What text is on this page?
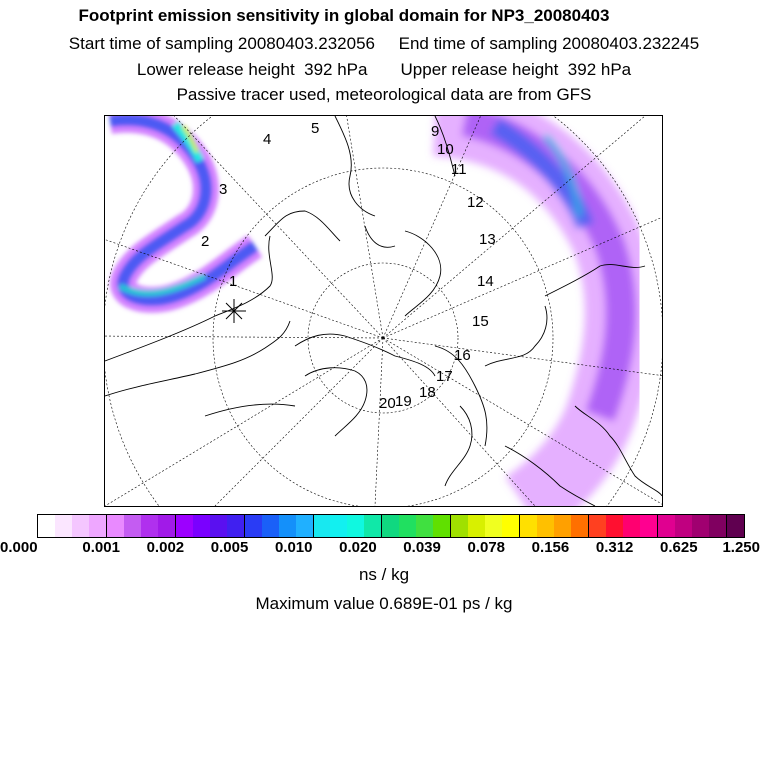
Footprint emission sensitivity in global domain for NP3_20080403
Start time of sampling 20080403.232056     End time of sampling 20080403.232245
Lower release height  392 hPa       Upper release height  392 hPa
Passive tracer used, meteorological data are from GFS
1
2
3
4
5	9
10
11
12
13
14
15
16
17
18
19
20
0.000	0.001 0.002 0.005 0.010 0.020 0.039 0.078 0.156 0.312 0.625 1.250
ns / kg
Maximum value 0.689E-01 ps / kg
